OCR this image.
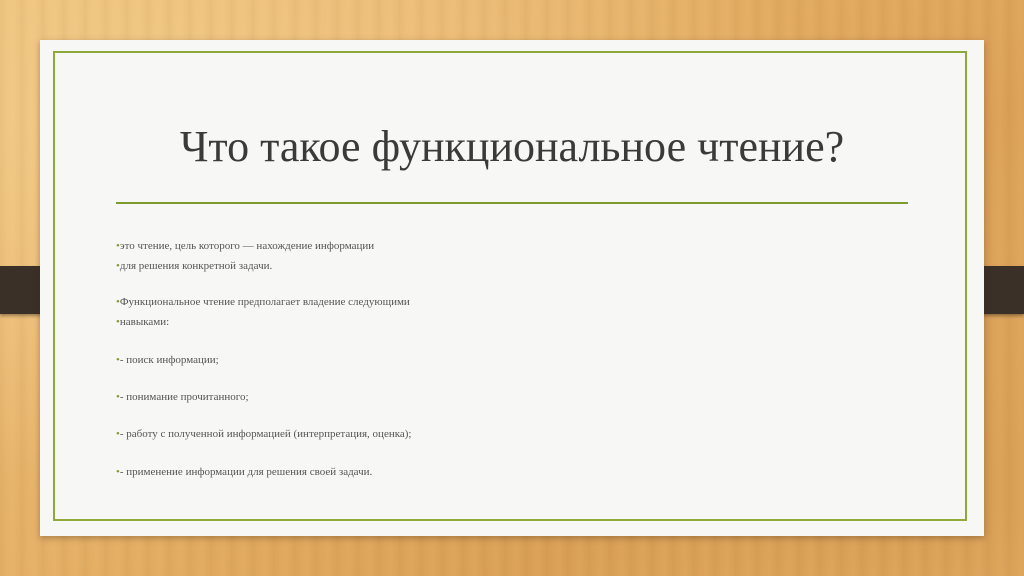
Что такое функциональное чтение?
•это чтение, цель которого — нахождение информации
•для решения конкретной задачи.
•Функциональное чтение предполагает владение следующими
•навыками:
•- поиск информации;
•- понимание прочитанного;
•- работу с полученной информацией (интерпретация, оценка);
•- применение информации для решения своей задачи.
